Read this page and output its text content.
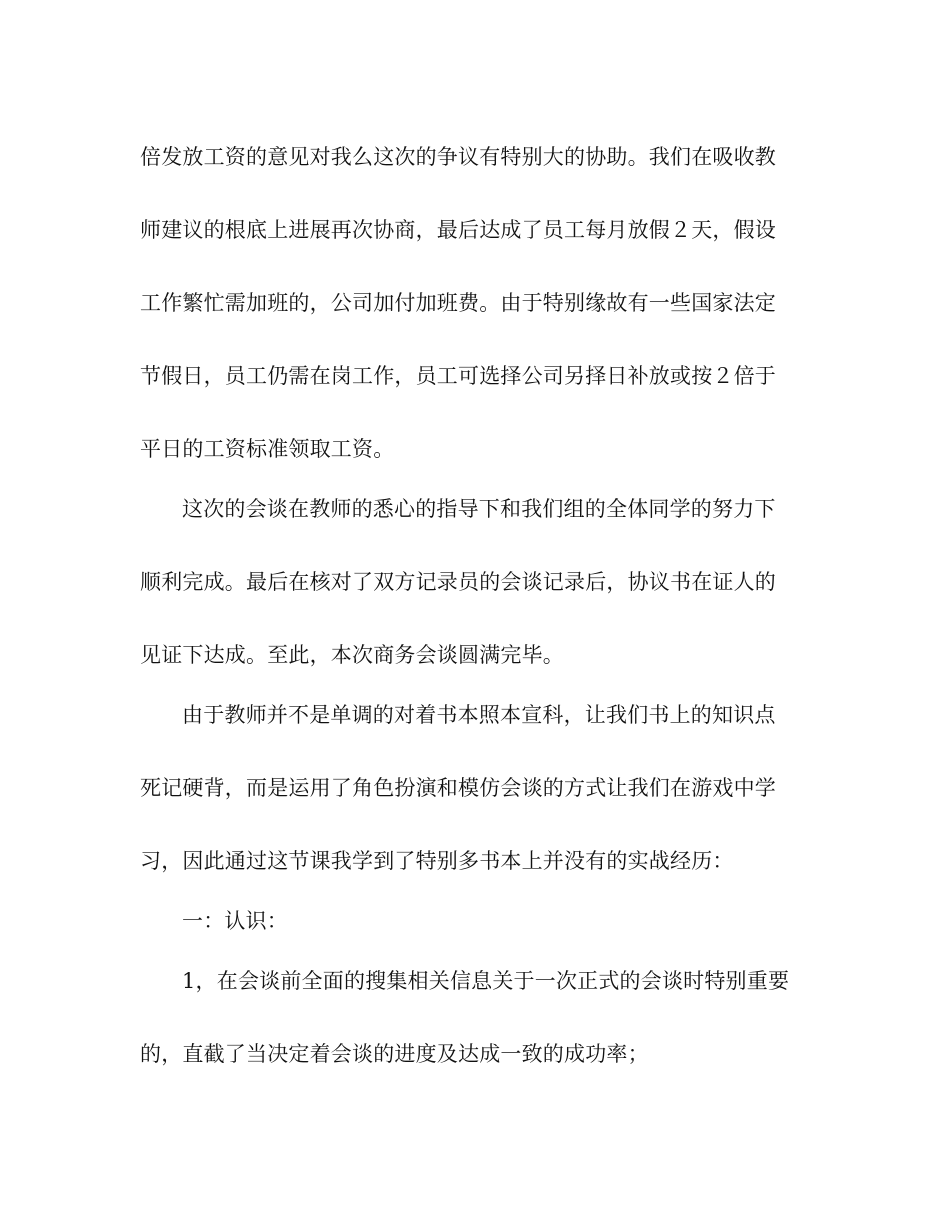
倍发放工资的意见对我么这次的争议有特别大的协助。我们在吸收教
师建议的根底上进展再次协商，最后达成了员工每月放假２天，假设
工作繁忙需加班的，公司加付加班费。由于特别缘故有一些国家法定
节假日，员工仍需在岗工作，员工可选择公司另择日补放或按２倍于
平日的工资标准领取工资。
这次的会谈在教师的悉心的指导下和我们组的全体同学的努力下
顺利完成。最后在核对了双方记录员的会谈记录后，协议书在证人的
见证下达成。至此，本次商务会谈圆满完毕。
由于教师并不是单调的对着书本照本宣科，让我们书上的知识点
死记硬背，而是运用了角色扮演和模仿会谈的方式让我们在游戏中学
习，因此通过这节课我学到了特别多书本上并没有的实战经历：
一：认识：
1，在会谈前全面的搜集相关信息关于一次正式的会谈时特别重要
的，直截了当决定着会谈的进度及达成一致的成功率；
